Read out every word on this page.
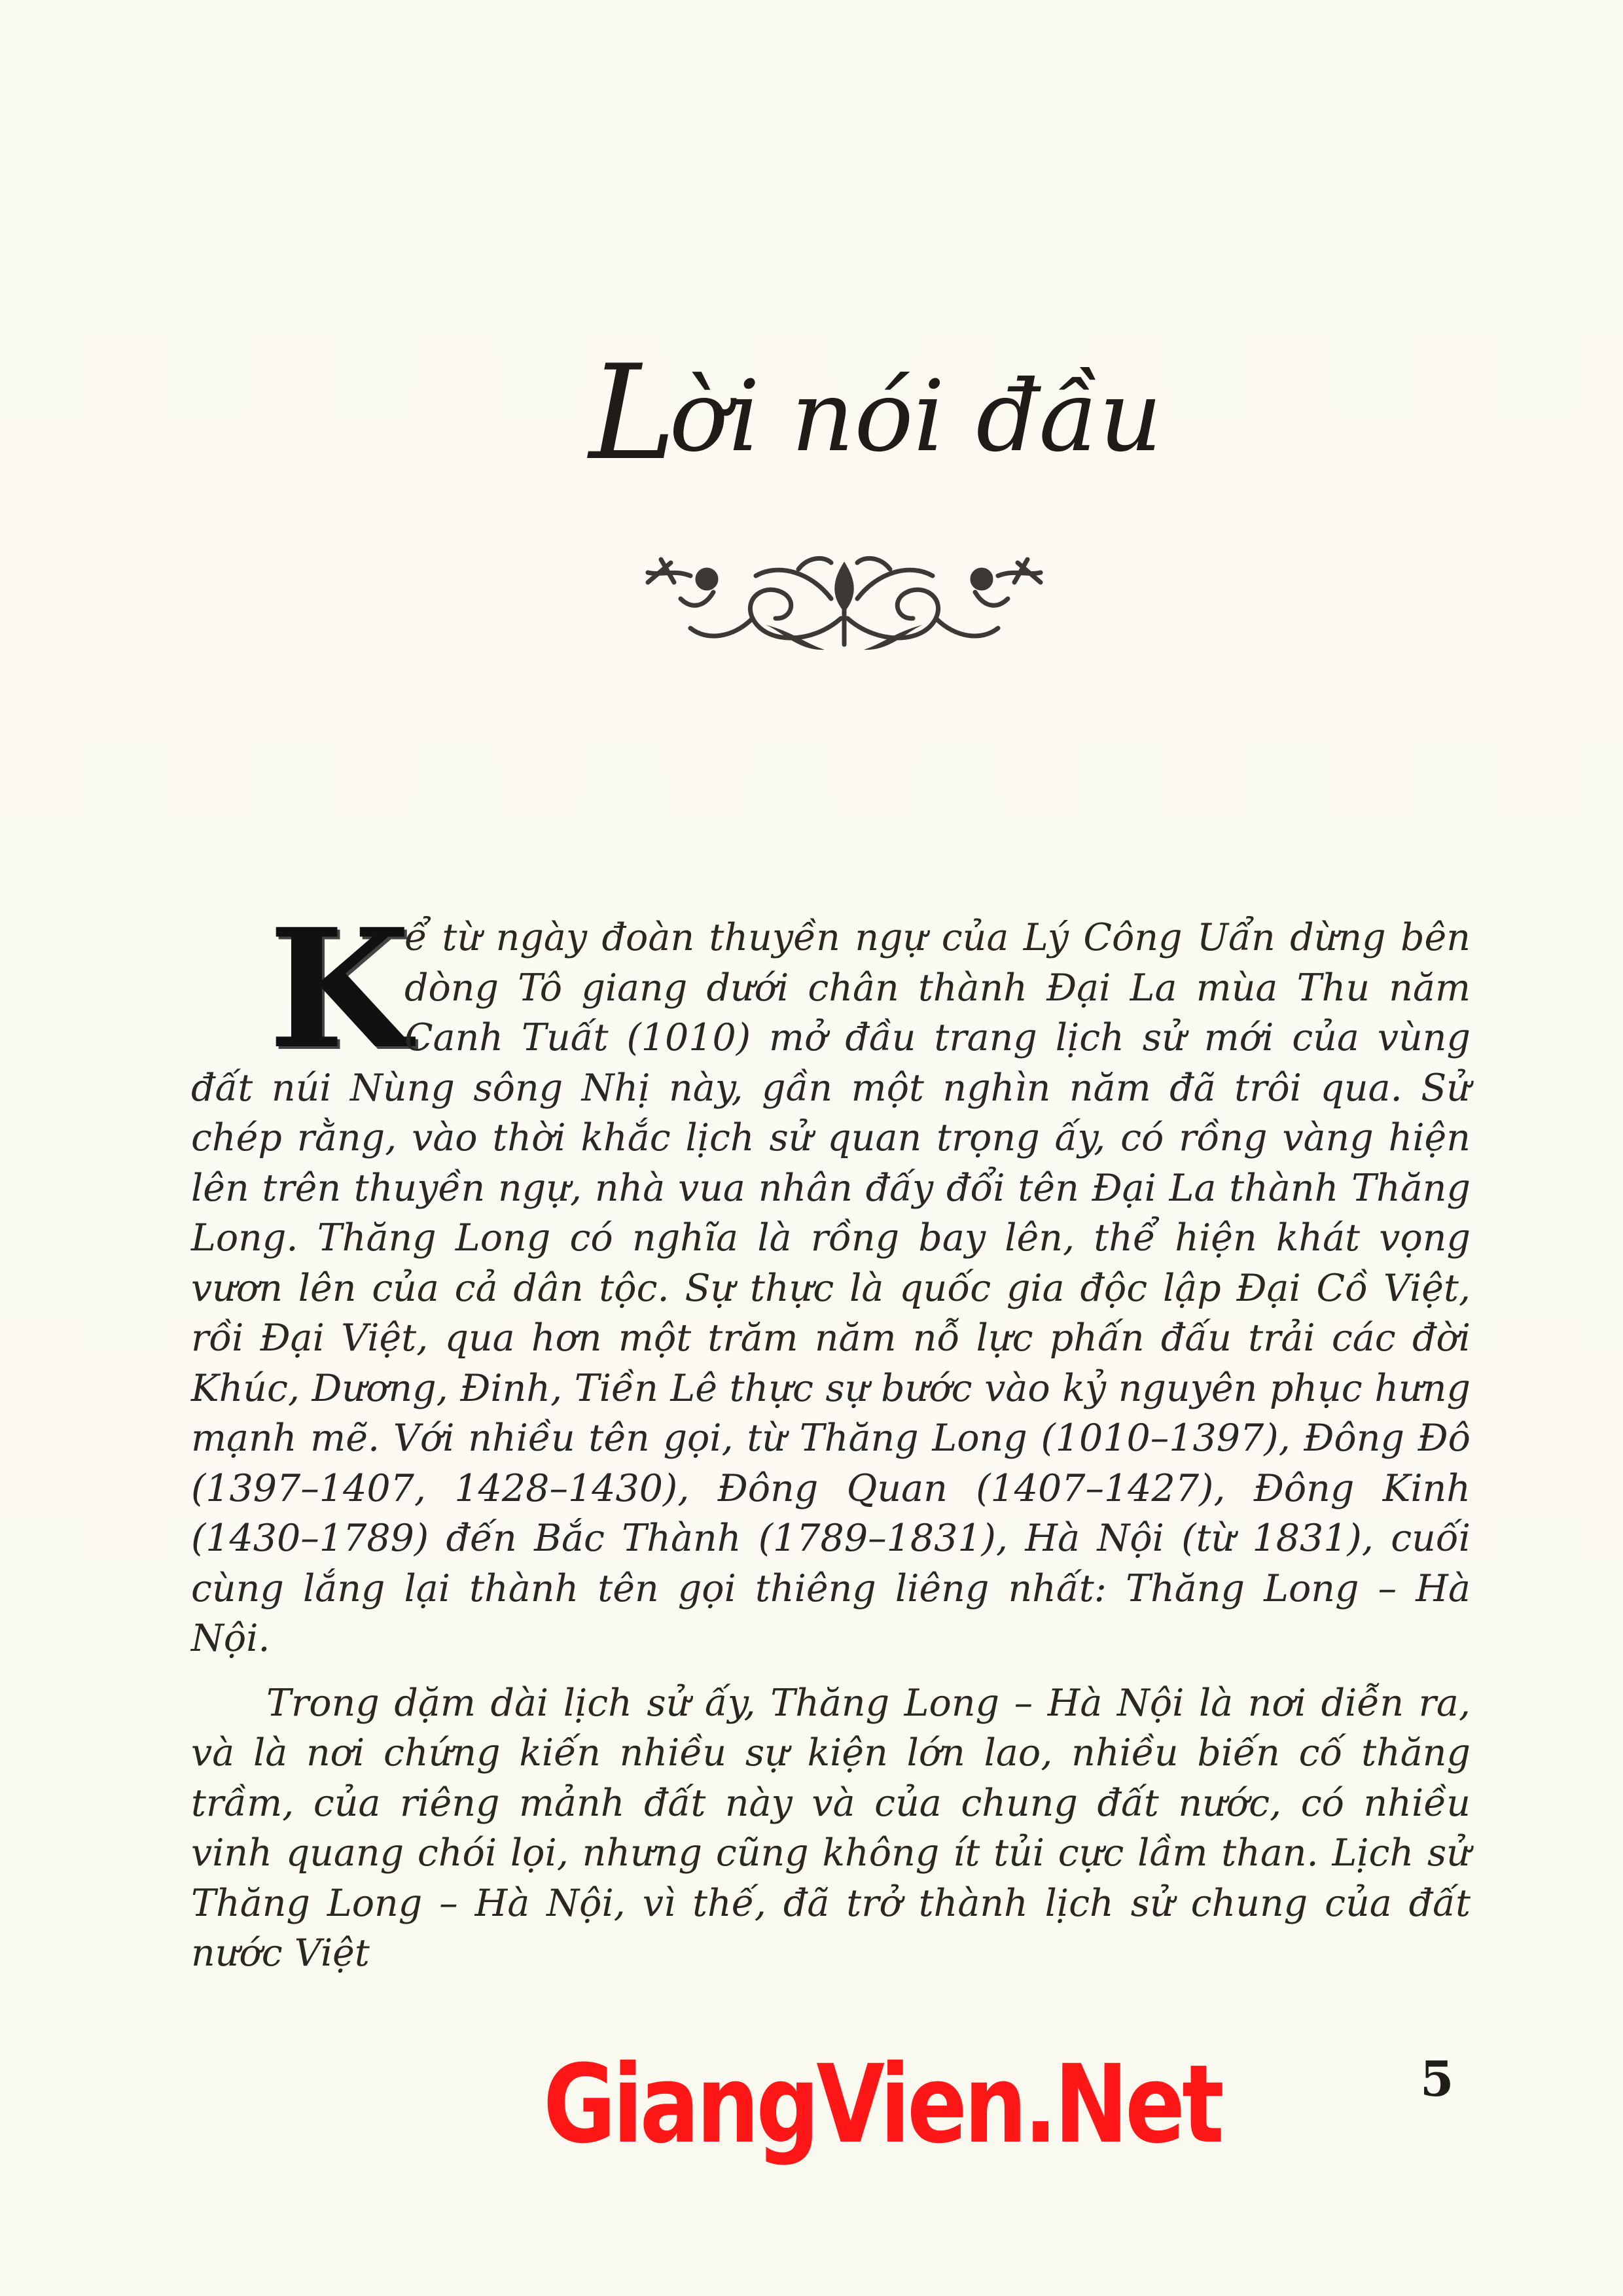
Lời nói đầu

K
ể từ ngày đoàn thuyền ngự của Lý Công Uẩn dừng bên dòng Tô giang dưới chân thành Đại La mùa Thu năm Canh Tuất (1010) mở đầu trang lịch sử mới của vùng đất núi Nùng sông Nhị này, gần một nghìn năm đã trôi qua. Sử chép rằng, vào thời khắc lịch sử quan trọng ấy, có rồng vàng hiện lên trên thuyền ngự, nhà vua nhân đấy đổi tên Đại La thành Thăng Long. Thăng Long có nghĩa là rồng bay lên, thể hiện khát vọng vươn lên của cả dân tộc. Sự thực là quốc gia độc lập Đại Cồ Việt, rồi Đại Việt, qua hơn một trăm năm nỗ lực phấn đấu trải các đời Khúc, Dương, Đinh, Tiền Lê thực sự bước vào kỷ nguyên phục hưng mạnh mẽ. Với nhiều tên gọi, từ Thăng Long (1010–1397), Đông Đô (1397–1407, 1428–1430), Đông Quan (1407–1427), Đông Kinh (1430–1789) đến Bắc Thành (1789–1831), Hà Nội (từ 1831), cuối cùng lắng lại thành tên gọi thiêng liêng nhất: Thăng Long – Hà Nội.

Trong dặm dài lịch sử ấy, Thăng Long – Hà Nội là nơi diễn ra, và là nơi chứng kiến nhiều sự kiện lớn lao, nhiều biến cố thăng trầm, của riêng mảnh đất này và của chung đất nước, có nhiều vinh quang chói lọi, nhưng cũng không ít tủi cực lầm than. Lịch sử Thăng Long – Hà Nội, vì thế, đã trở thành lịch sử chung của đất nước Việt

GiangVien.Net	5
